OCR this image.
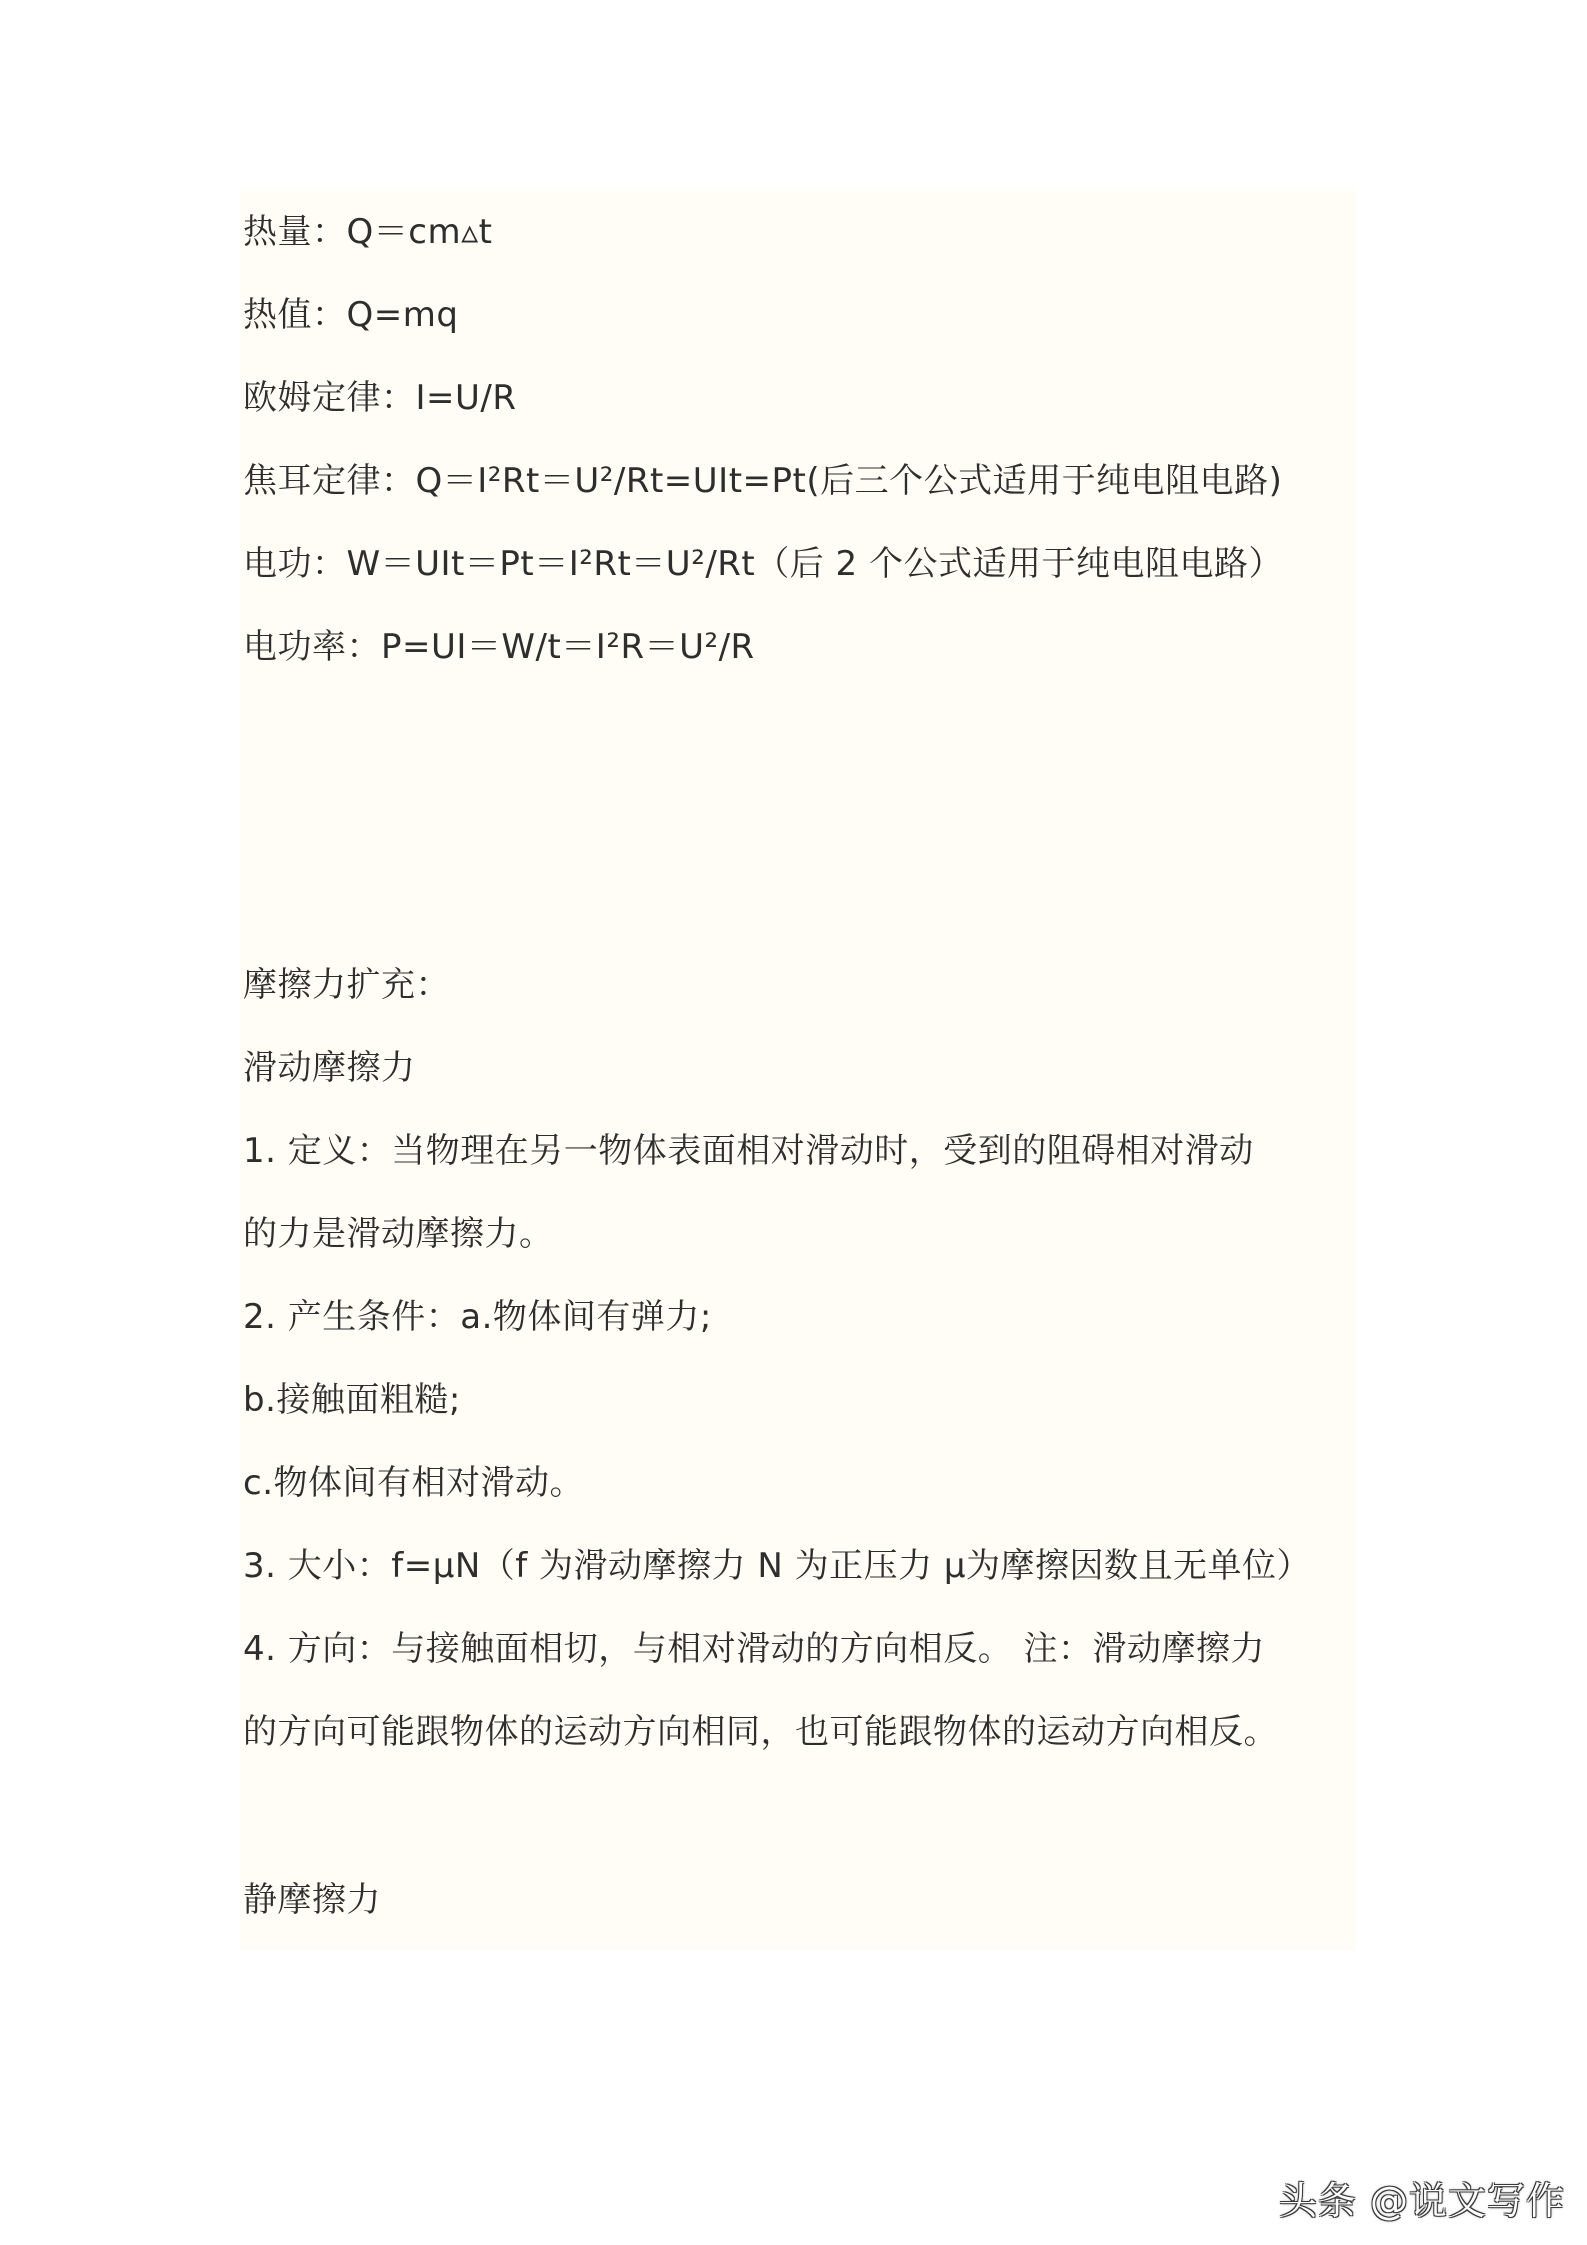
热量：Q＝cm▵t
热值：Q=mq
欧姆定律：I=U/R
焦耳定律：Q＝I²Rt＝U²/Rt=UIt=Pt(后三个公式适用于纯电阻电路)
电功：W＝UIt＝Pt＝I²Rt＝U²/Rt（后 2 个公式适用于纯电阻电路）
电功率：P=UI＝W/t＝I²R＝U²/R
摩擦力扩充：
滑动摩擦力
1. 定义：当物理在另一物体表面相对滑动时，受到的阻碍相对滑动
的力是滑动摩擦力。
2. 产生条件：a.物体间有弹力;
b.接触面粗糙;
c.物体间有相对滑动。
3. 大小：f=μN（f 为滑动摩擦力 N 为正压力 μ为摩擦因数且无单位）
4. 方向：与接触面相切，与相对滑动的方向相反。 注：滑动摩擦力
的方向可能跟物体的运动方向相同，也可能跟物体的运动方向相反。
静摩擦力
头条 @说文写作
